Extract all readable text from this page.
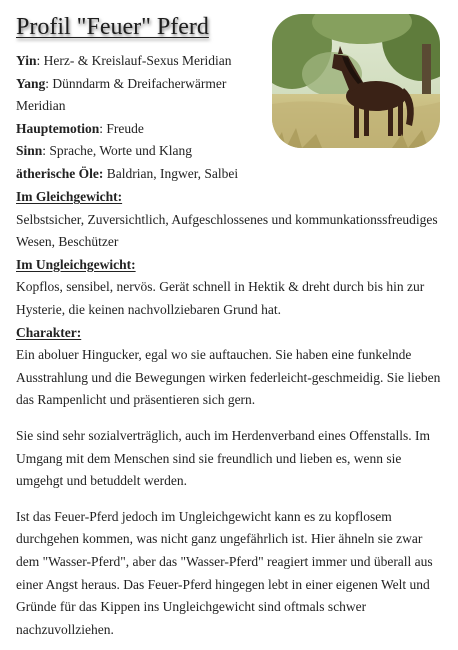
Profil "Feuer" Pferd

Yin: Herz- & Kreislauf-Sexus Meridian

Yang: Dünndarm & Dreifacherwärmer
Meridian

Hauptemotion: Freude

Sinn: Sprache, Worte und Klang

ätherische Öle: Baldrian, Ingwer, Salbei

Im Gleichgewicht:

Selbstsicher, Zuversichtlich, Aufgeschlossenes und kommunkationssfreudiges Wesen, Beschützer

Im Ungleichgewicht:

Kopflos, sensibel, nervös. Gerät schnell in Hektik & dreht durch bis hin zur Hysterie, die keinen nachvollziebaren Grund hat.

Charakter:

Ein aboluer Hingucker, egal wo sie auftauchen. Sie haben eine funkelnde Ausstrahlung und die Bewegungen wirken federleicht-geschmeidig. Sie lieben das Rampenlicht und präsentieren sich gern.

Sie sind sehr sozialverträglich, auch im Herdenverband eines Offenstalls. Im Umgang mit dem Menschen sind sie freundlich und lieben es, wenn sie umgehgt und betuddelt werden.

Ist das Feuer-Pferd jedoch im Ungleichgewicht kann es zu kopflosem durchgehen kommen, was nicht ganz ungefährlich ist. Hier ähneln sie zwar dem "Wasser-Pferd", aber das "Wasser-Pferd" reagiert immer und überall aus einer Angst heraus. Das Feuer-Pferd hingegen lebt in einer eigenen Welt und Gründe für das Kippen ins Ungleichgewicht sind oftmals schwer nachzuvollziehen.
